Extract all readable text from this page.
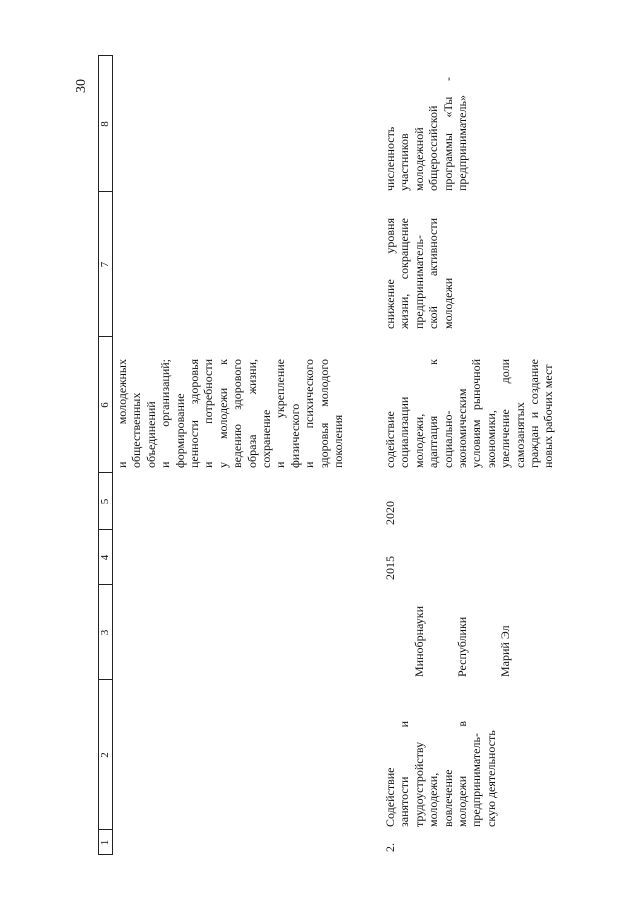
30
1
2
3
4
5
6
7
8
и молодежных общественных объединений и организаций; формирование ценности здоровья и потребности у молодежи к ведению здорового образа жизни, сохранение и укрепление физического и психического здоровья молодого поколения
2.
Содействие занятости и трудоустройству молодежи, вовлечение молодежи в предприниматель- скую деятельность

Минобрнауки

Республики

Марий Эл

2015
2020
содействие социализации молодежи, адаптация к социально- экономическим условиям рыночной экономики, увеличение доли самозанятых граждан и создание новых рабочих мест
снижение уровня жизни, сокращение предприниматель- ской активности молодежи
численность участников молодежной общероссийской программы «Ты - предприниматель»
